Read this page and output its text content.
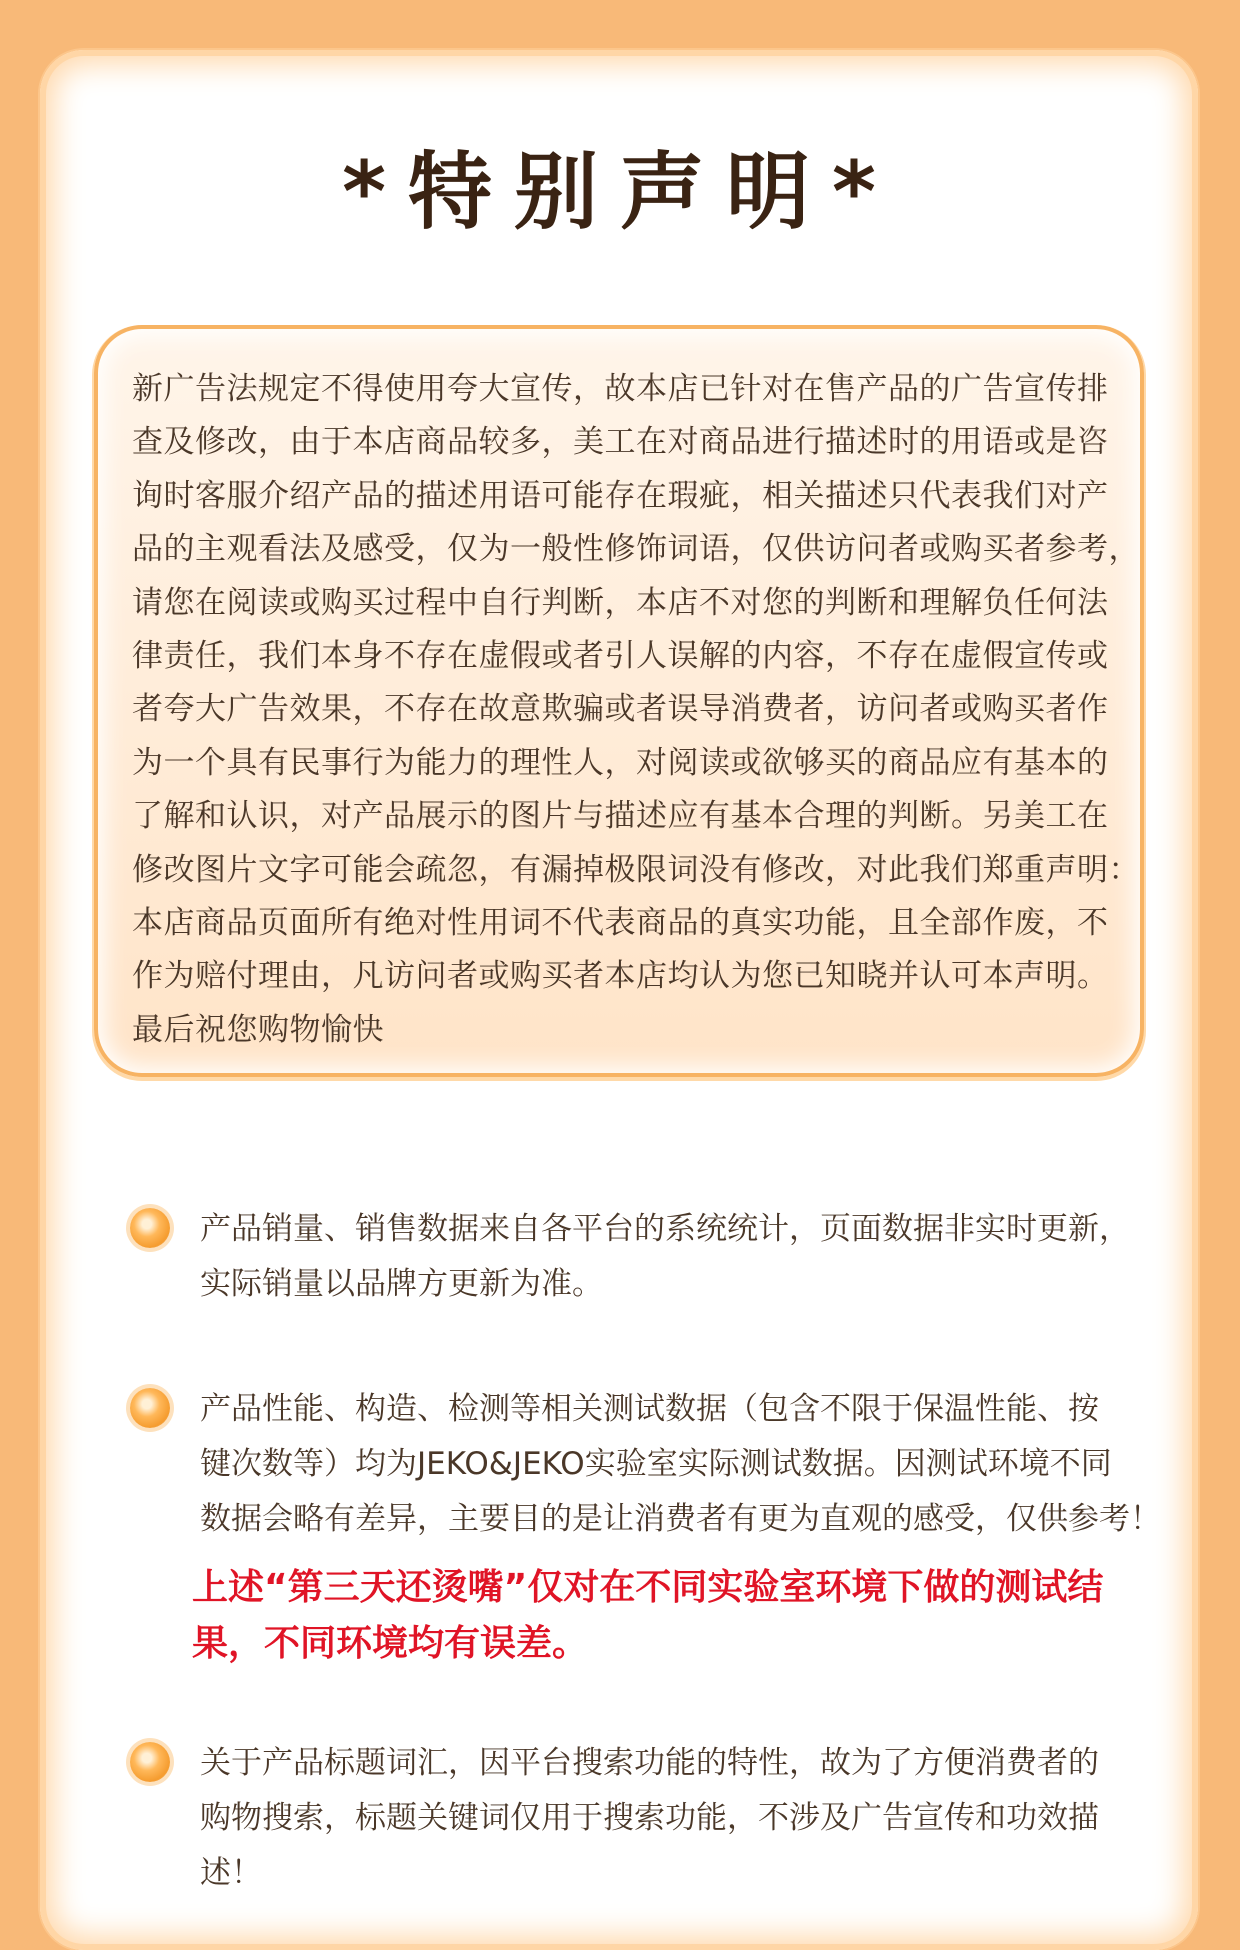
*特别声明*
新广告法规定不得使用夸大宣传，故本店已针对在售产品的广告宣传排
查及修改，由于本店商品较多，美工在对商品进行描述时的用语或是咨
询时客服介绍产品的描述用语可能存在瑕疵，相关描述只代表我们对产
品的主观看法及感受，仅为一般性修饰词语，仅供访问者或购买者参考，
请您在阅读或购买过程中自行判断，本店不对您的判断和理解负任何法
律责任，我们本身不存在虚假或者引人误解的内容，不存在虚假宣传或
者夸大广告效果，不存在故意欺骗或者误导消费者，访问者或购买者作
为一个具有民事行为能力的理性人，对阅读或欲够买的商品应有基本的
了解和认识，对产品展示的图片与描述应有基本合理的判断。另美工在
修改图片文字可能会疏忽，有漏掉极限词没有修改，对此我们郑重声明：
本店商品页面所有绝对性用词不代表商品的真实功能，且全部作废，不
作为赔付理由，凡访问者或购买者本店均认为您已知晓并认可本声明。
最后祝您购物愉快
产品销量、销售数据来自各平台的系统统计，页面数据非实时更新，
实际销量以品牌方更新为准。
产品性能、构造、检测等相关测试数据（包含不限于保温性能、按
键次数等）均为JEKO&JEKO实验室实际测试数据。因测试环境不同
数据会略有差异，主要目的是让消费者有更为直观的感受，仅供参考！
上述“第三天还烫嘴”仅对在不同实验室环境下做的测试结
果，不同环境均有误差。
关于产品标题词汇，因平台搜索功能的特性，故为了方便消费者的
购物搜索，标题关键词仅用于搜索功能，不涉及广告宣传和功效描
述！
